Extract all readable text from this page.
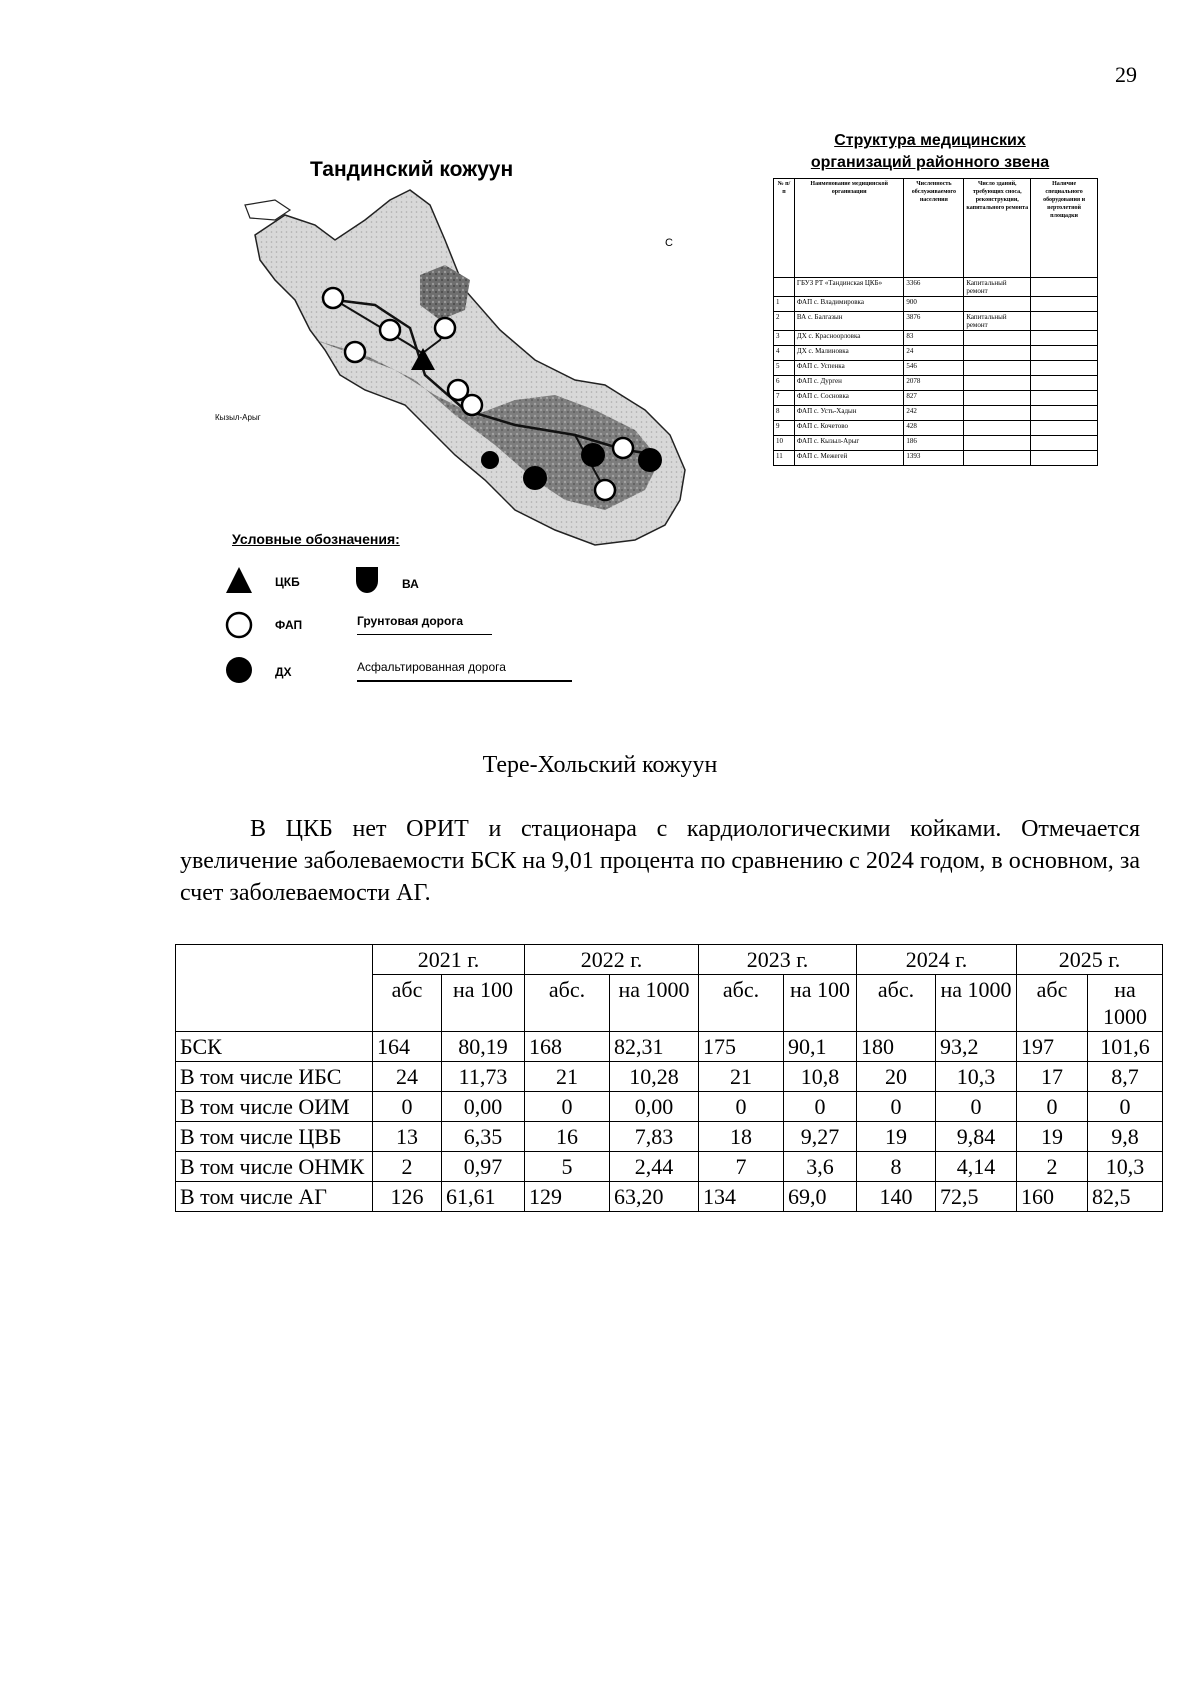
29
Тандинский кожуун
Кызыл-Арыг
С
Условные обозначения:
ЦКБ	ВА
ФАП	Грунтовая дорога
ДХ	Асфальтированная дорога
Структура медицинских
организаций районного звена
№ п/п	Наименование медицинской организации	Численность обслуживаемого населения	Число зданий, требующих сноса, реконструкции, капитального ремонта	Наличие специального оборудования и вертолетной площадки
	ГБУЗ РТ «Тандинская ЦКБ»	3366	Капитальный ремонт	
1	ФАП с. Владимировка	900		
2	ВА с. Балгазын	3876	Капитальный ремонт	
3	ДХ с. Красноорловка	83		
4	ДХ с. Малиновка	24		
5	ФАП с. Успенка	546		
6	ФАП с. Дурген	2078		
7	ФАП с. Сосновка	827		
8	ФАП с. Усть-Хадын	242		
9	ФАП с. Кочетово	428		
10	ФАП с. Кызыл-Арыг	186		
11	ФАП с. Межегей	1393		
Тере-Хольский кожуун
В ЦКБ нет ОРИТ и стационара с кардиологическими койками. Отмечается увеличение заболеваемости БСК на 9,01 процента по сравнению с 2024 годом, в основном, за счет заболеваемости АГ.
	2021 г.		2022 г.		2023 г.		2024 г.		2025 г.	
	абс	на 100	абс.	на 1000	абс.	на 100	абс.	на 1000	абс	на 1000
БСК	164	80,19	168	82,31	175	90,1	180	93,2	197	101,6
В том числе ИБС	24	11,73	21	10,28	21	10,8	20	10,3	17	8,7
В том числе ОИМ	0	0,00	0	0,00	0	0	0	0	0	0
В том числе ЦВБ	13	6,35	16	7,83	18	9,27	19	9,84	19	9,8
В том числе ОНМК	2	0,97	5	2,44	7	3,6	8	4,14	2	10,3
В том числе АГ	126	61,61	129	63,20	134	69,0	140	72,5	160	82,5
